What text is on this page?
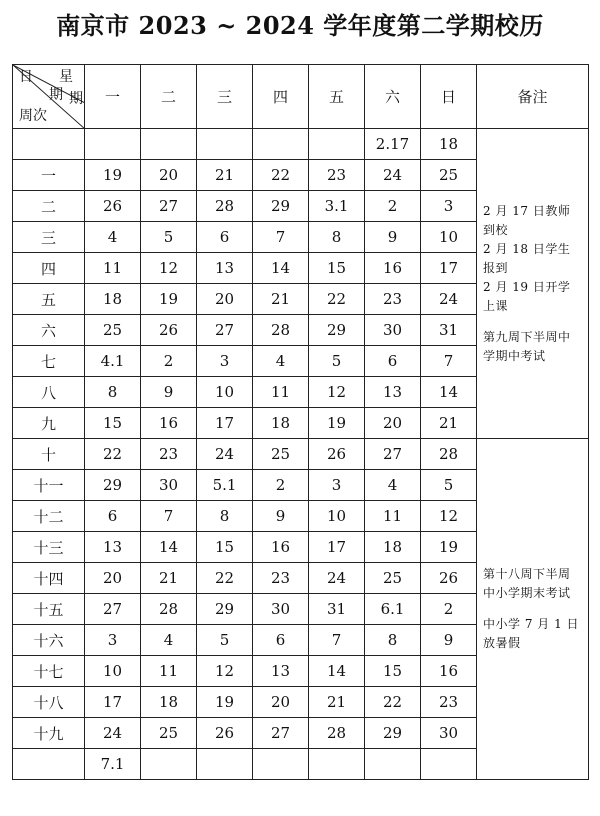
南京市 2023 ~ 2024 学年度第二学期校历
日 星
期 期
周次	一	二	三	四	五	六	日	备注
						2.17	18	2 月 17 日教师到校

2 月 18 日学生报到

2 月 19 日开学上课

第九周下半周中学期中考试

一	19	20	21	22	23	24	25	
二	26	27	28	29	3.1	2	3	
三	4	5	6	7	8	9	10	
四	11	12	13	14	15	16	17	
五	18	19	20	21	22	23	24	
六	25	26	27	28	29	30	31	
七	4.1	2	3	4	5	6	7	
八	8	9	10	11	12	13	14	
九	15	16	17	18	19	20	21	
十	22	23	24	25	26	27	28	第十八周下半周中小学期末考试

中小学 7 月 1 日放暑假

十一	29	30	5.1	2	3	4	5	
十二	6	7	8	9	10	11	12	
十三	13	14	15	16	17	18	19	
十四	20	21	22	23	24	25	26	
十五	27	28	29	30	31	6.1	2	
十六	3	4	5	6	7	8	9	
十七	10	11	12	13	14	15	16	
十八	17	18	19	20	21	22	23	
十九	24	25	26	27	28	29	30	
	7.1							
